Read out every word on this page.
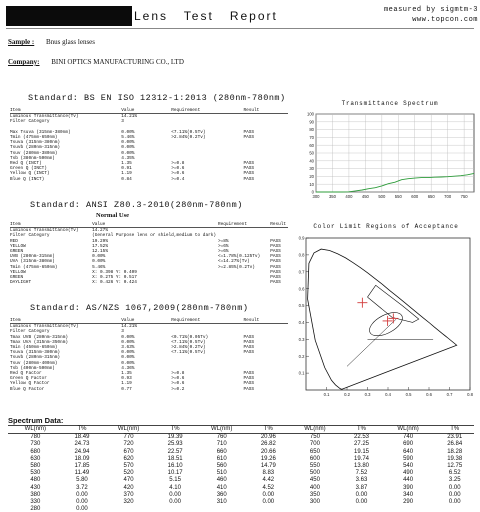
Lens   Test   Report	measured by sigmtm-3
www.topcon.com
Sample : Bnus glass lenses
Company: BINI OPTICS MANUFACTURING CO., LTD
Standard: BS EN ISO 12312-1:2013 (280nm-780nm)
Item	Value	Requirement	Result
Luminous Transmittance(Tv)	14.21%		
Filter Category	3		

Max Tsuva (315nm-380nm)	0.00%	<7.11%(0.5Tv)	PASS
Tmin (475nm-650nm)	5.46%	>2.84%(0.2Tv)	PASS
Tsuva (315nm-380nm)	0.00%		
Tsuvb (280nm-315nm)	0.00%		
Tsuv (280nm-380nm)	0.00%		
Tsb (380nm-500nm)	4.35%		
Red Q (INCT)	1.35	>=0.8	PASS
Green Q (INCT)	0.91	>=0.6	PASS
Yellow Q (INCT)	1.19	>=0.6	PASS
Blue Q (INCT)	0.84	>=0.4	PASS
Standard: ANSI Z80.3-2010(280nm-780nm)
Normal Use
Item	Value	Requirement	Result
Luminous Transmittance(Tv)	14.27%		
Filter Category	(General Purpose lens or shield,medium to dark)		
RED	19.29%	>=8%	PASS
YELLOW	17.52%	>=6%	PASS
GREEN	12.15%	>=6%	PASS
UVB (280nm-315nm)	0.00%	<=1.78%(0.125Tv)	PASS
UVA (315nm-380nm)	0.00%	<=14.27%(Tv)	PASS
Tmin (475nm-650nm)	5.46%	>=2.85%(0.2Tv)	PASS
YELLOW	X: 0.398 Y: 0.409		PASS
GREEN	X: 0.275 Y: 0.517		PASS
DAYLIGHT	X: 0.426 Y: 0.424		PASS
Standard: AS/NZS 1067,2009(280nm-780nm)
Item	Value	Requirement	Result
Luminous Transmittance(Tv)	14.21%		
Filter Category	3		
Tmax UVB (280nm-315nm)	0.00%	<0.71%(0.05Tv)	PASS
Tmax UVA (315nm-350nm)	0.00%	<7.11%(0.5Tv)	PASS
Tmin (450nm-650nm)	3.63%	>2.84%(0.2Tv)	PASS
Tsuva (315nm-380nm)	0.00%	<7.11%(0.5Tv)	PASS
Tsuvb (280nm-315nm)	0.00%		
Tsuv (280nm-400nm)	0.00%		
Tsb (400nm-500nm)	4.36%		
Red Q Factor	1.35	>=0.8	PASS
Green Q Factor	0.93	>=0.6	PASS
Yellow Q Factor	1.19	>=0.6	PASS
Blue Q Factor	0.77	>=0.2	PASS
Transmittance Spectrum
0
10
20
30
40
50
60
70
80
90
100
300 350 400 450 500 550 600 650 700 750
Color Limit Regions of Acceptance
0.1
0.2
0.3
0.4
0.5
0.6
0.7
0.8
0.9
0.1	0.2	0.3	0.4	0.5	0.6	0.7	0.8
Spectrum Data:
WL(nm)	T%	WL(nm)	T%	WL(nm)	T%	WL(nm)	T%	WL(nm)	T%
780	18.49	770	19.39	760	20.96	750	22.53	740	23.91
730	24.73	720	25.93	710	26.82	700	27.25	690	26.84
680	24.94	670	22.57	660	20.66	650	19.15	640	18.28
630	18.09	620	18.51	610	19.26	600	19.74	590	19.38
580	17.85	570	16.10	560	14.79	550	13.80	540	12.75
530	11.49	520	10.17	510	8.83	500	7.52	490	6.52
480	5.80	470	5.15	460	4.42	450	3.63	440	3.25
430	3.72	420	4.10	410	4.52	400	3.87	390	0.00
380	0.00	370	0.00	360	0.00	350	0.00	340	0.00
330	0.00	320	0.00	310	0.00	300	0.00	290	0.00
280	0.00								
